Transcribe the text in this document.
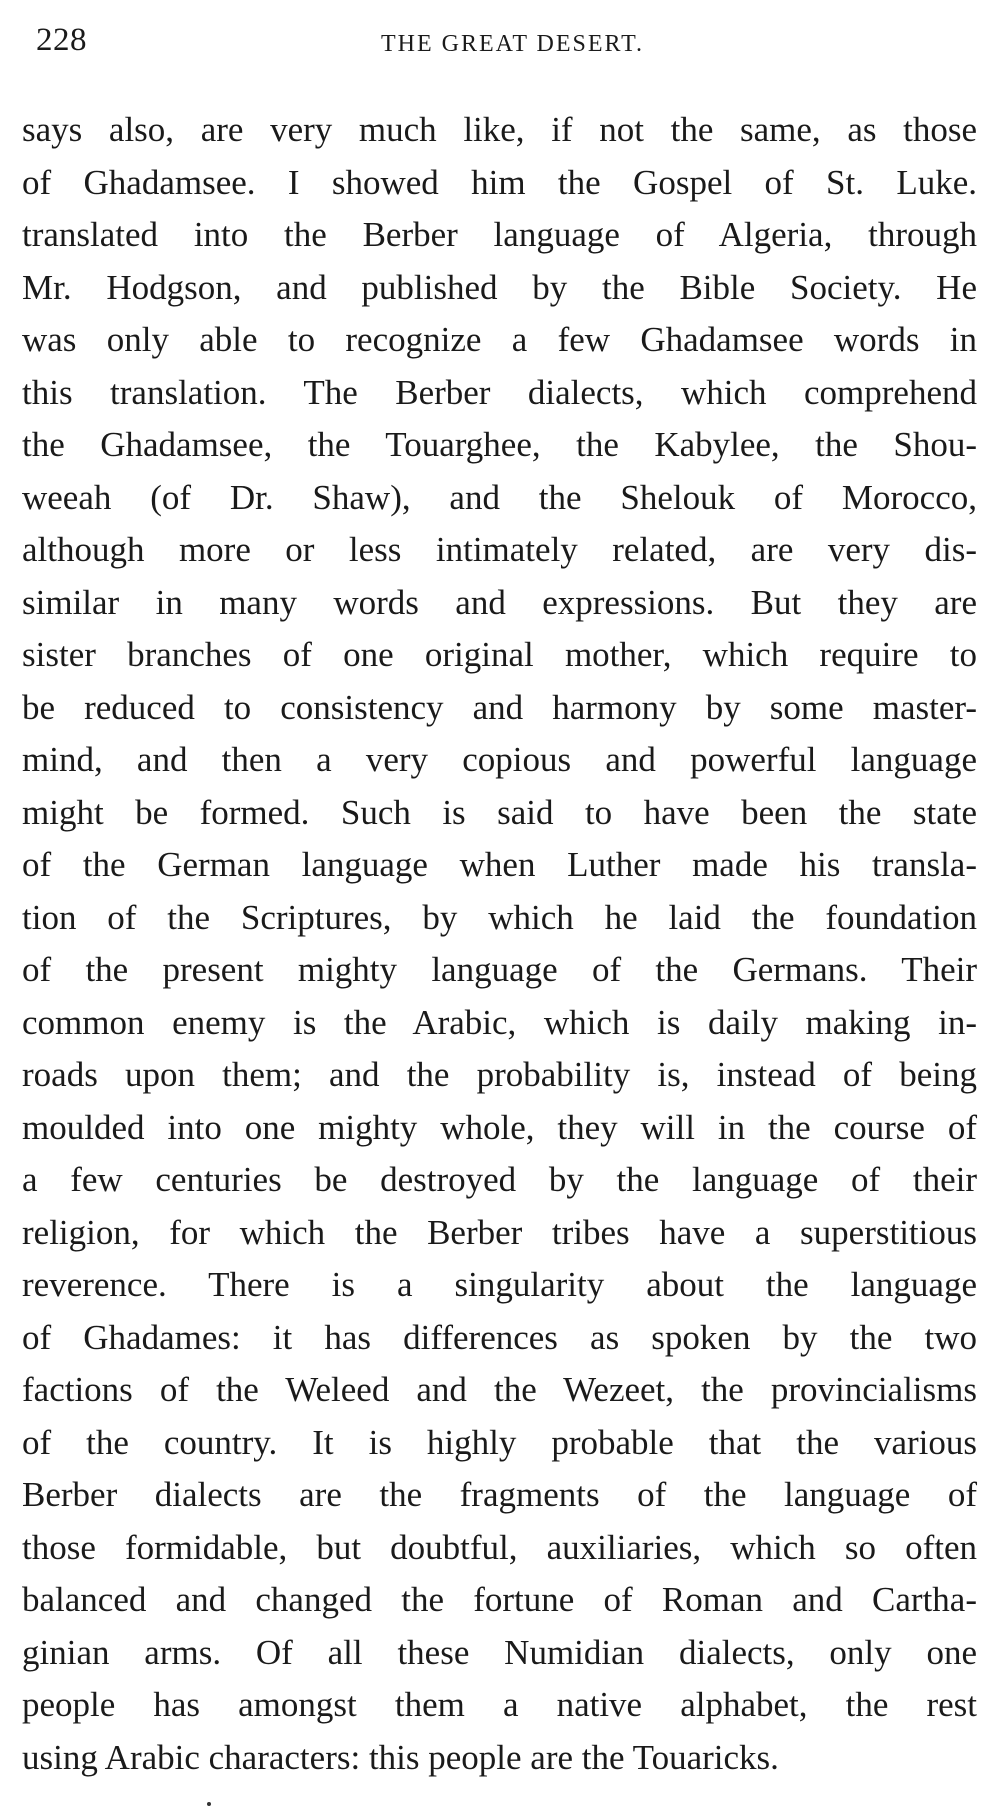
228	THE GREAT DESERT.
says also, are very much like, if not the same, as those
of Ghadamsee. I showed him the Gospel of St. Luke.
translated into the Berber language of Algeria, through
Mr. Hodgson, and published by the Bible Society. He
was only able to recognize a few Ghadamsee words in
this translation. The Berber dialects, which comprehend
the Ghadamsee, the Touarghee, the Kabylee, the Shou-
weeah (of Dr. Shaw), and the Shelouk of Morocco,
although more or less intimately related, are very dis-
similar in many words and expressions. But they are
sister branches of one original mother, which require to
be reduced to consistency and harmony by some master-
mind, and then a very copious and powerful language
might be formed. Such is said to have been the state
of the German language when Luther made his transla-
tion of the Scriptures, by which he laid the foundation
of the present mighty language of the Germans. Their
common enemy is the Arabic, which is daily making in-
roads upon them; and the probability is, instead of being
moulded into one mighty whole, they will in the course of
a few centuries be destroyed by the language of their
religion, for which the Berber tribes have a superstitious
reverence. There is a singularity about the language
of Ghadames: it has differences as spoken by the two
factions of the Weleed and the Wezeet, the provincialisms
of the country. It is highly probable that the various
Berber dialects are the fragments of the language of
those formidable, but doubtful, auxiliaries, which so often
balanced and changed the fortune of Roman and Cartha-
ginian arms. Of all these Numidian dialects, only one
people has amongst them a native alphabet, the rest
using Arabic characters: this people are the Touaricks.
